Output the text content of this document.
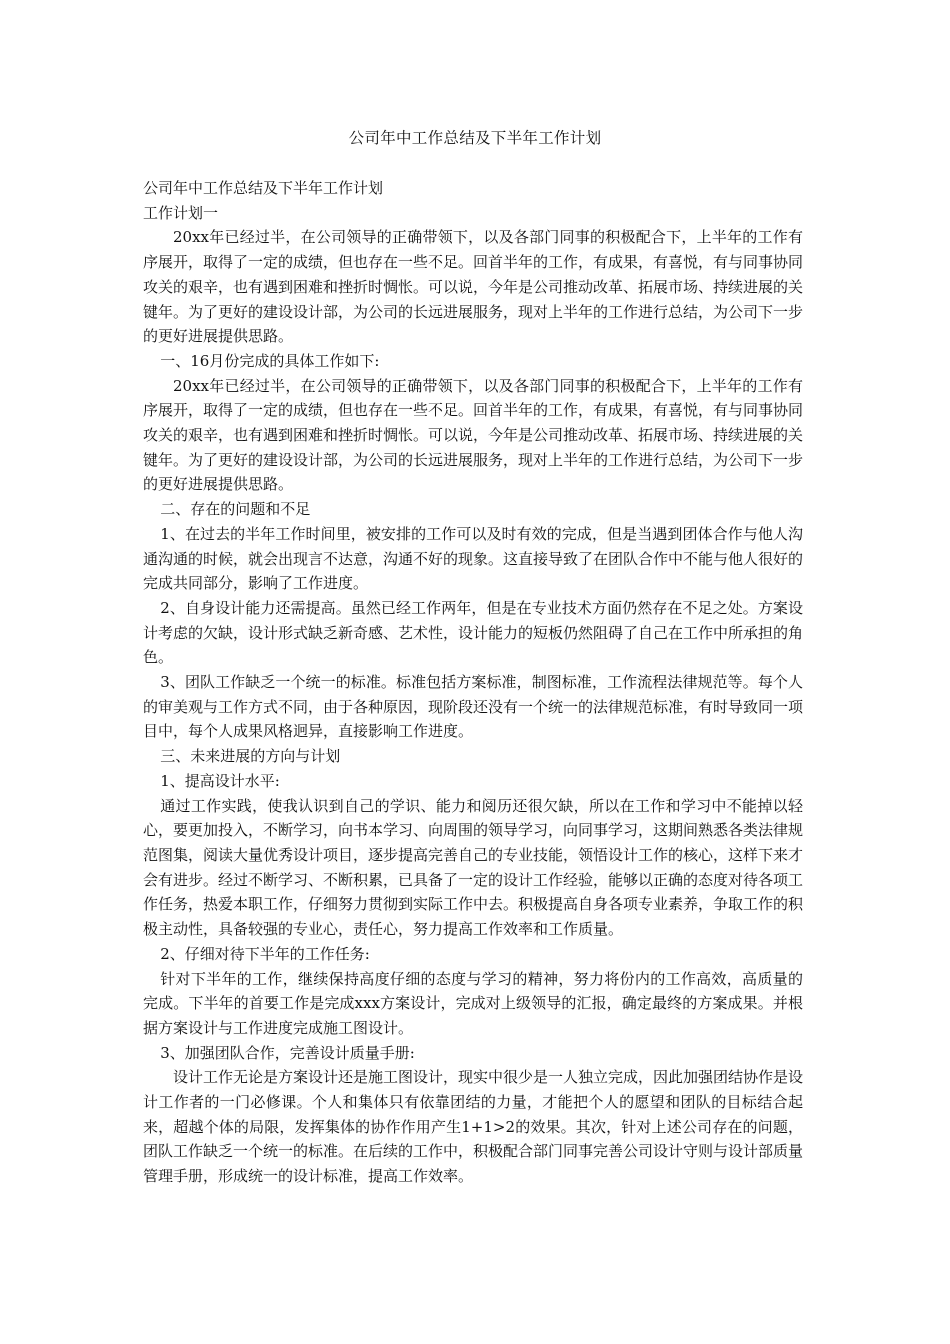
公司年中工作总结及下半年工作计划

公司年中工作总结及下半年工作计划

工作计划一

20xx年已经过半，在公司领导的正确带领下，以及各部门同事的积极配合下，上半年的工作有序展开，取得了一定的成绩，但也存在一些不足。回首半年的工作，有成果，有喜悦，有与同事协同攻关的艰辛，也有遇到困难和挫折时惆怅。可以说，今年是公司推动改革、拓展市场、持续进展的关键年。为了更好的建设设计部，为公司的长远进展服务，现对上半年的工作进行总结，为公司下一步的更好进展提供思路。

一、16月份完成的具体工作如下:

20xx年已经过半，在公司领导的正确带领下，以及各部门同事的积极配合下，上半年的工作有序展开，取得了一定的成绩，但也存在一些不足。回首半年的工作，有成果，有喜悦，有与同事协同攻关的艰辛，也有遇到困难和挫折时惆怅。可以说，今年是公司推动改革、拓展市场、持续进展的关键年。为了更好的建设设计部，为公司的长远进展服务，现对上半年的工作进行总结，为公司下一步的更好进展提供思路。

二、存在的问题和不足

1、在过去的半年工作时间里，被安排的工作可以及时有效的完成，但是当遇到团体合作与他人沟通沟通的时候，就会出现言不达意，沟通不好的现象。这直接导致了在团队合作中不能与他人很好的完成共同部分，影响了工作进度。

2、自身设计能力还需提高。虽然已经工作两年，但是在专业技术方面仍然存在不足之处。方案设计考虑的欠缺，设计形式缺乏新奇感、艺术性，设计能力的短板仍然阻碍了自己在工作中所承担的角色。

3、团队工作缺乏一个统一的标准。标准包括方案标准，制图标准，工作流程法律规范等。每个人的审美观与工作方式不同，由于各种原因，现阶段还没有一个统一的法律规范标准，有时导致同一项目中，每个人成果风格迥异，直接影响工作进度。

三、未来进展的方向与计划

1、提高设计水平:

通过工作实践，使我认识到自己的学识、能力和阅历还很欠缺，所以在工作和学习中不能掉以轻心，要更加投入，不断学习，向书本学习、向周围的领导学习，向同事学习，这期间熟悉各类法律规范图集，阅读大量优秀设计项目，逐步提高完善自己的专业技能，领悟设计工作的核心，这样下来才会有进步。经过不断学习、不断积累，已具备了一定的设计工作经验，能够以正确的态度对待各项工作任务，热爱本职工作，仔细努力贯彻到实际工作中去。积极提高自身各项专业素养，争取工作的积极主动性，具备较强的专业心，责任心，努力提高工作效率和工作质量。

2、仔细对待下半年的工作任务:

针对下半年的工作，继续保持高度仔细的态度与学习的精神，努力将份内的工作高效，高质量的完成。下半年的首要工作是完成xxx方案设计，完成对上级领导的汇报，确定最终的方案成果。并根据方案设计与工作进度完成施工图设计。

3、加强团队合作，完善设计质量手册:

设计工作无论是方案设计还是施工图设计，现实中很少是一人独立完成，因此加强团结协作是设计工作者的一门必修课。个人和集体只有依靠团结的力量，才能把个人的愿望和团队的目标结合起来，超越个体的局限，发挥集体的协作作用产生1+1>2的效果。其次，针对上述公司存在的问题，团队工作缺乏一个统一的标准。在后续的工作中，积极配合部门同事完善公司设计守则与设计部质量管理手册，形成统一的设计标准，提高工作效率。
